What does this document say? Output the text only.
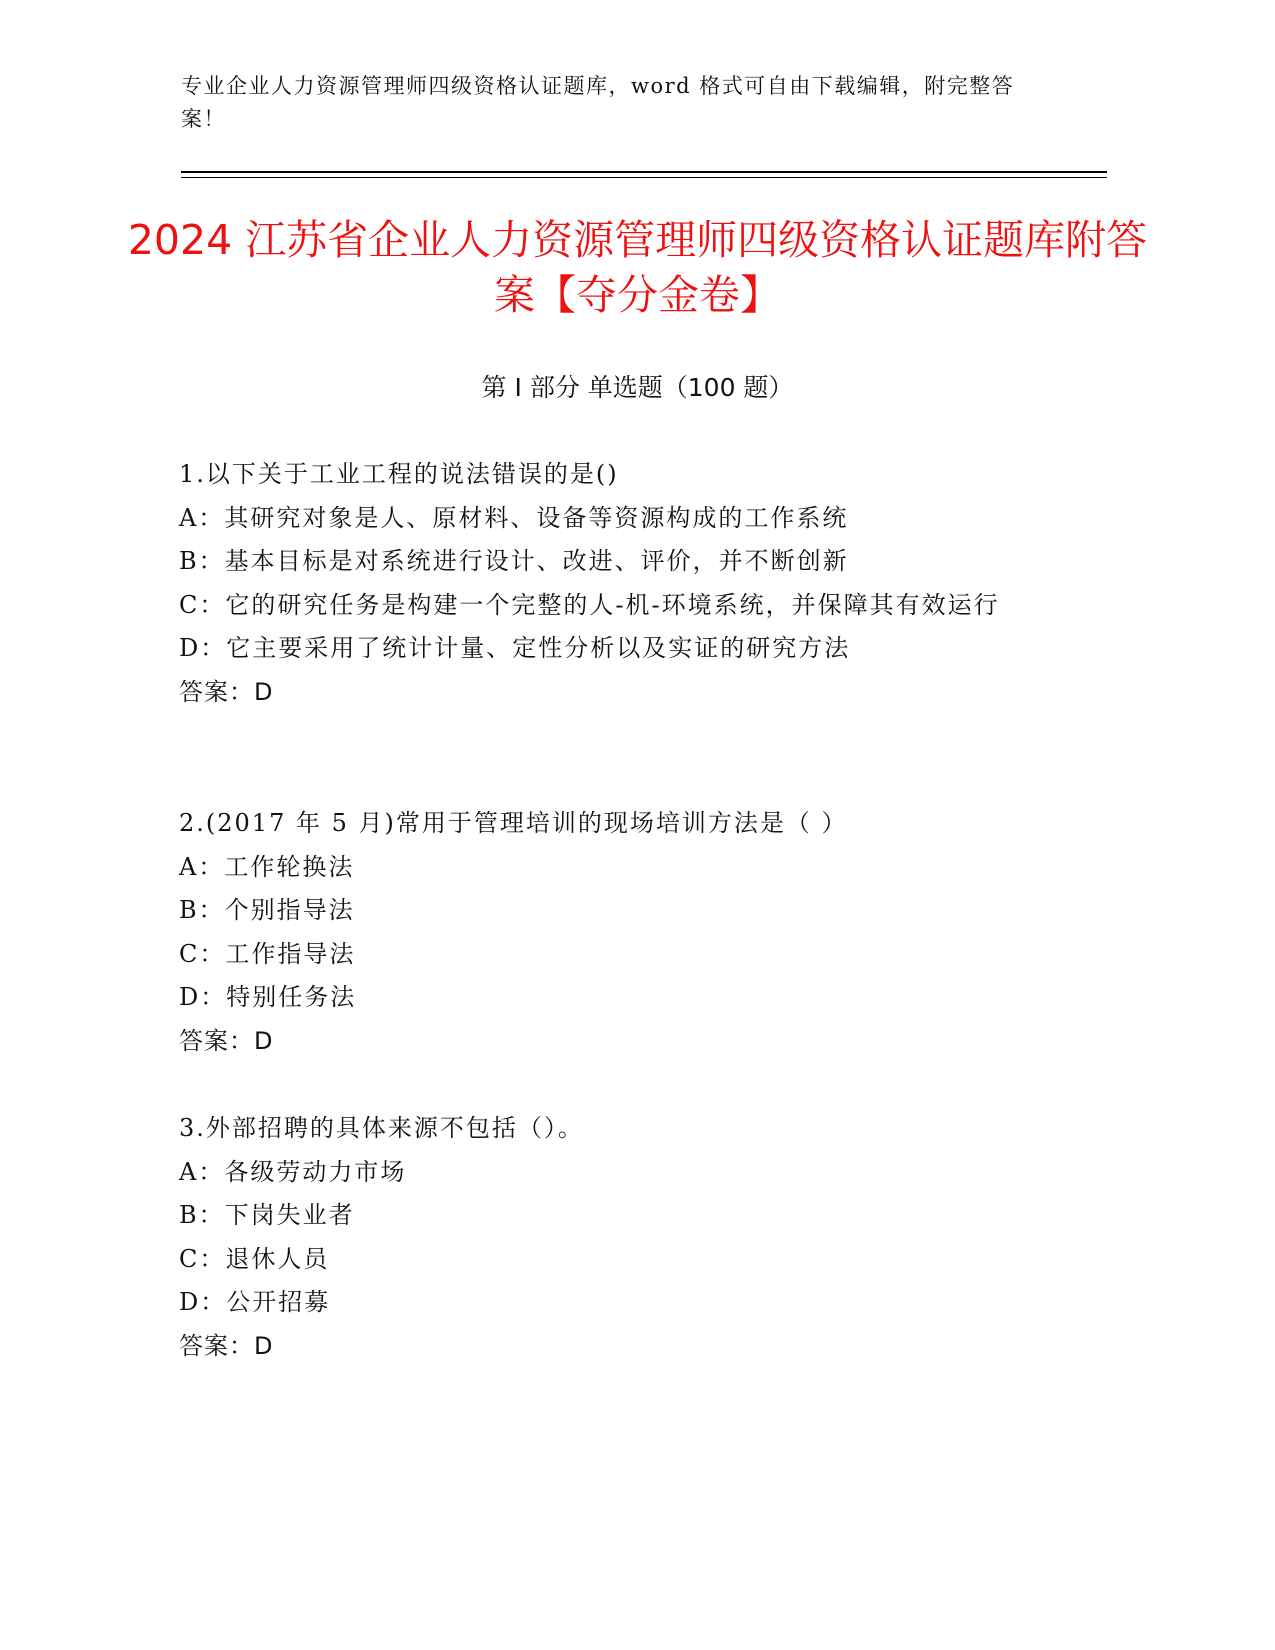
专业企业人力资源管理师四级资格认证题库，word 格式可自由下载编辑，附完整答案！
2024 江苏省企业人力资源管理师四级资格认证题库附答案【夺分金卷】
第 I 部分 单选题（100 题）
1.以下关于工业工程的说法错误的是()
A：其研究对象是人、原材料、设备等资源构成的工作系统
B：基本目标是对系统进行设计、改进、评价，并不断创新
C：它的研究任务是构建一个完整的人-机-环境系统，并保障其有效运行
D：它主要采用了统计计量、定性分析以及实证的研究方法
答案：D
2.(2017 年 5 月)常用于管理培训的现场培训方法是（ ）
A：工作轮换法
B：个别指导法
C：工作指导法
D：特别任务法
答案：D
3.外部招聘的具体来源不包括（）。
A：各级劳动力市场
B：下岗失业者
C：退休人员
D：公开招募
答案：D
